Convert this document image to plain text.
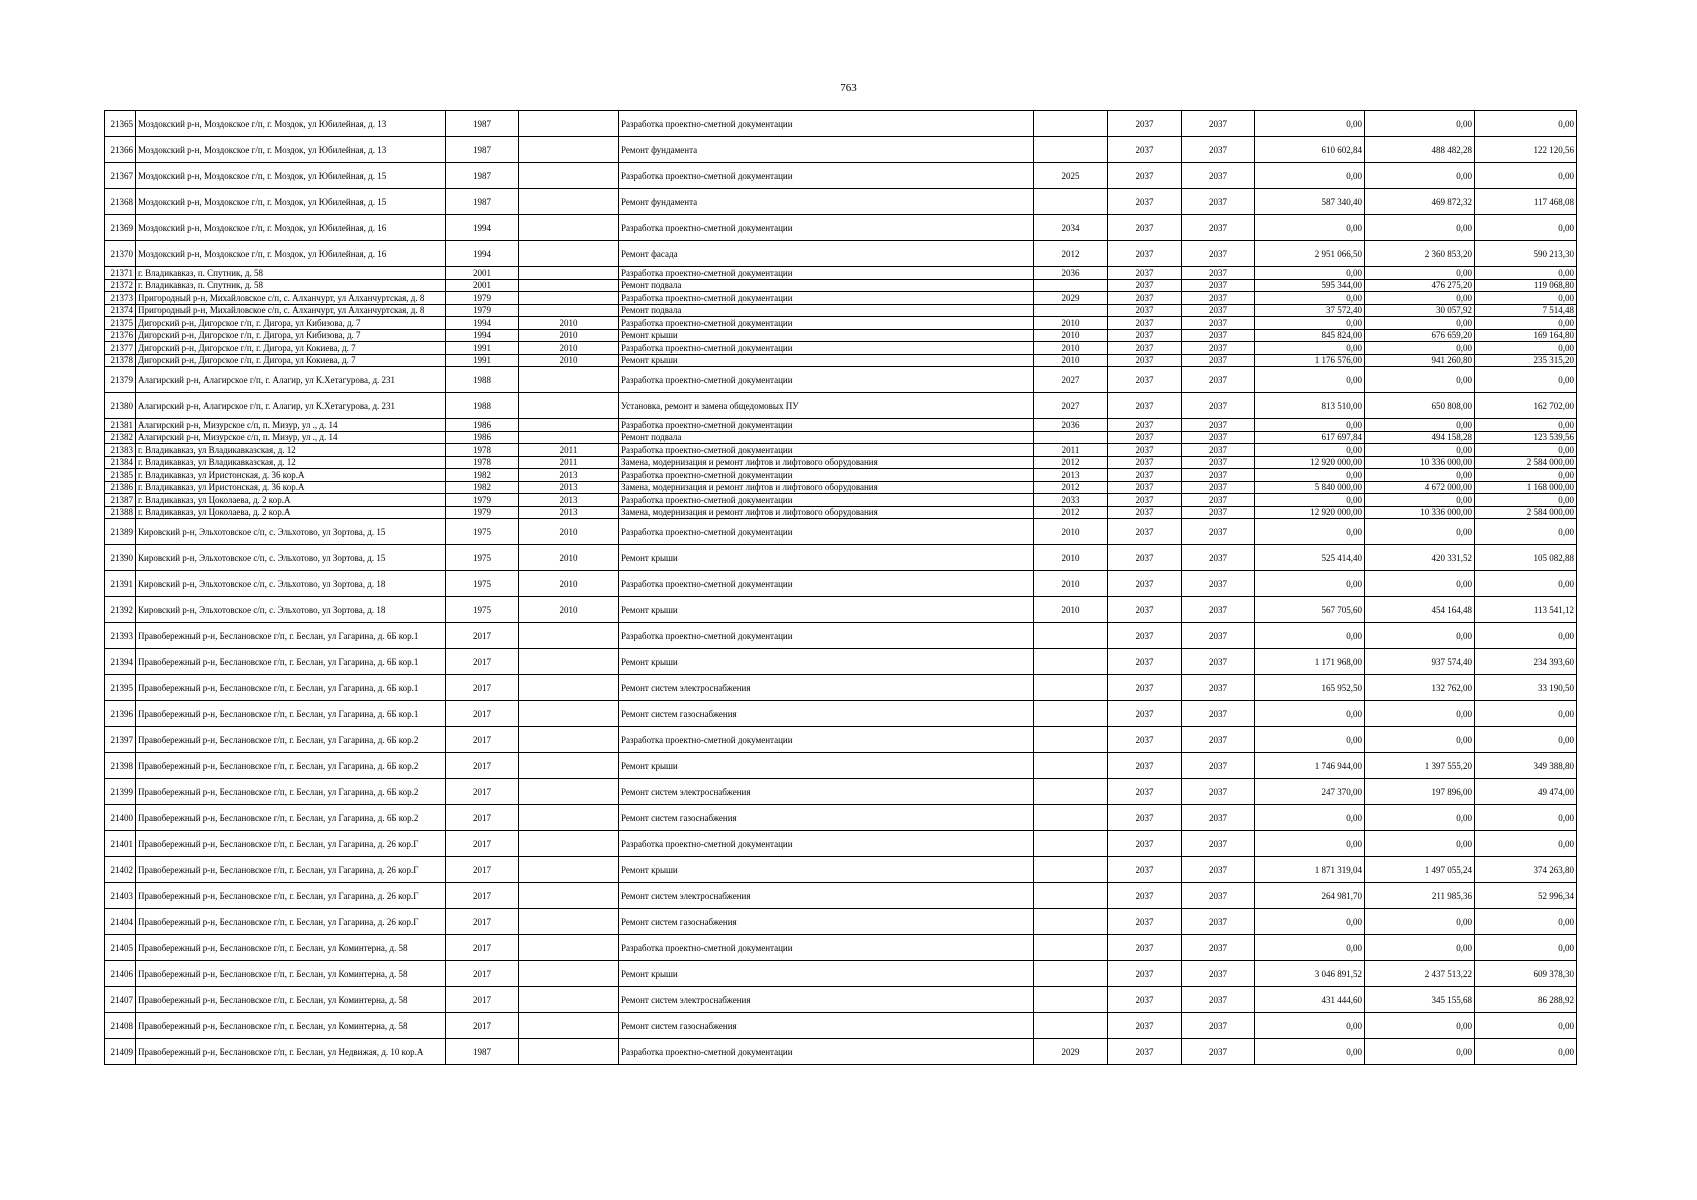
763
21365	Моздокский р-н, Моздокское г/п, г. Моздок, ул Юбилейная, д. 13	1987		Разработка проектно-сметной документации		2037	2037	0,00	0,00	0,00
21366	Моздокский р-н, Моздокское г/п, г. Моздок, ул Юбилейная, д. 13	1987		Ремонт фундамента		2037	2037	610 602,84	488 482,28	122 120,56
21367	Моздокский р-н, Моздокское г/п, г. Моздок, ул Юбилейная, д. 15	1987		Разработка проектно-сметной документации	2025	2037	2037	0,00	0,00	0,00
21368	Моздокский р-н, Моздокское г/п, г. Моздок, ул Юбилейная, д. 15	1987		Ремонт фундамента		2037	2037	587 340,40	469 872,32	117 468,08
21369	Моздокский р-н, Моздокское г/п, г. Моздок, ул Юбилейная, д. 16	1994		Разработка проектно-сметной документации	2034	2037	2037	0,00	0,00	0,00
21370	Моздокский р-н, Моздокское г/п, г. Моздок, ул Юбилейная, д. 16	1994		Ремонт фасада	2012	2037	2037	2 951 066,50	2 360 853,20	590 213,30
21371	г. Владикавказ, п. Спутник, д. 58	2001		Разработка проектно-сметной документации	2036	2037	2037	0,00	0,00	0,00
21372	г. Владикавказ, п. Спутник, д. 58	2001		Ремонт подвала		2037	2037	595 344,00	476 275,20	119 068,80
21373	Пригородный р-н, Михайловское с/п, с. Алханчурт, ул Алханчуртская, д. 8	1979		Разработка проектно-сметной документации	2029	2037	2037	0,00	0,00	0,00
21374	Пригородный р-н, Михайловское с/п, с. Алханчурт, ул Алханчуртская, д. 8	1979		Ремонт подвала		2037	2037	37 572,40	30 057,92	7 514,48
21375	Дигорский р-н, Дигорское г/п, г. Дигора, ул Кибизова, д. 7	1994	2010	Разработка проектно-сметной документации	2010	2037	2037	0,00	0,00	0,00
21376	Дигорский р-н, Дигорское г/п, г. Дигора, ул Кибизова, д. 7	1994	2010	Ремонт крыши	2010	2037	2037	845 824,00	676 659,20	169 164,80
21377	Дигорский р-н, Дигорское г/п, г. Дигора, ул Кокиева, д. 7	1991	2010	Разработка проектно-сметной документации	2010	2037	2037	0,00	0,00	0,00
21378	Дигорский р-н, Дигорское г/п, г. Дигора, ул Кокиева, д. 7	1991	2010	Ремонт крыши	2010	2037	2037	1 176 576,00	941 260,80	235 315,20
21379	Алагирский р-н, Алагирское г/п, г. Алагир, ул К.Хетагурова, д. 231	1988		Разработка проектно-сметной документации	2027	2037	2037	0,00	0,00	0,00
21380	Алагирский р-н, Алагирское г/п, г. Алагир, ул К.Хетагурова, д. 231	1988		Установка, ремонт и замена общедомовых ПУ	2027	2037	2037	813 510,00	650 808,00	162 702,00
21381	Алагирский р-н, Мизурское с/п, п. Мизур, ул ., д. 14	1986		Разработка проектно-сметной документации	2036	2037	2037	0,00	0,00	0,00
21382	Алагирский р-н, Мизурское с/п, п. Мизур, ул ., д. 14	1986		Ремонт подвала		2037	2037	617 697,84	494 158,28	123 539,56
21383	г. Владикавказ, ул Владикавказская, д. 12	1978	2011	Разработка проектно-сметной документации	2011	2037	2037	0,00	0,00	0,00
21384	г. Владикавказ, ул Владикавказская, д. 12	1978	2011	Замена, модернизация и ремонт лифтов и лифтового оборудования	2012	2037	2037	12 920 000,00	10 336 000,00	2 584 000,00
21385	г. Владикавказ, ул Иристонская, д. 36 кор.А	1982	2013	Разработка проектно-сметной документации	2013	2037	2037	0,00	0,00	0,00
21386	г. Владикавказ, ул Иристонская, д. 36 кор.А	1982	2013	Замена, модернизация и ремонт лифтов и лифтового оборудования	2012	2037	2037	5 840 000,00	4 672 000,00	1 168 000,00
21387	г. Владикавказ, ул Цоколаева, д. 2 кор.А	1979	2013	Разработка проектно-сметной документации	2033	2037	2037	0,00	0,00	0,00
21388	г. Владикавказ, ул Цоколаева, д. 2 кор.А	1979	2013	Замена, модернизация и ремонт лифтов и лифтового оборудования	2012	2037	2037	12 920 000,00	10 336 000,00	2 584 000,00
21389	Кировский р-н, Эльхотовское с/п, с. Эльхотово, ул Зортова, д. 15	1975	2010	Разработка проектно-сметной документации	2010	2037	2037	0,00	0,00	0,00
21390	Кировский р-н, Эльхотовское с/п, с. Эльхотово, ул Зортова, д. 15	1975	2010	Ремонт крыши	2010	2037	2037	525 414,40	420 331,52	105 082,88
21391	Кировский р-н, Эльхотовское с/п, с. Эльхотово, ул Зортова, д. 18	1975	2010	Разработка проектно-сметной документации	2010	2037	2037	0,00	0,00	0,00
21392	Кировский р-н, Эльхотовское с/п, с. Эльхотово, ул Зортова, д. 18	1975	2010	Ремонт крыши	2010	2037	2037	567 705,60	454 164,48	113 541,12
21393	Правобережный р-н, Беслановское г/п, г. Беслан, ул Гагарина, д. 6Б кор.1	2017		Разработка проектно-сметной документации		2037	2037	0,00	0,00	0,00
21394	Правобережный р-н, Беслановское г/п, г. Беслан, ул Гагарина, д. 6Б кор.1	2017		Ремонт крыши		2037	2037	1 171 968,00	937 574,40	234 393,60
21395	Правобережный р-н, Беслановское г/п, г. Беслан, ул Гагарина, д. 6Б кор.1	2017		Ремонт систем электроснабжения		2037	2037	165 952,50	132 762,00	33 190,50
21396	Правобережный р-н, Беслановское г/п, г. Беслан, ул Гагарина, д. 6Б кор.1	2017		Ремонт систем газоснабжения		2037	2037	0,00	0,00	0,00
21397	Правобережный р-н, Беслановское г/п, г. Беслан, ул Гагарина, д. 6Б кор.2	2017		Разработка проектно-сметной документации		2037	2037	0,00	0,00	0,00
21398	Правобережный р-н, Беслановское г/п, г. Беслан, ул Гагарина, д. 6Б кор.2	2017		Ремонт крыши		2037	2037	1 746 944,00	1 397 555,20	349 388,80
21399	Правобережный р-н, Беслановское г/п, г. Беслан, ул Гагарина, д. 6Б кор.2	2017		Ремонт систем электроснабжения		2037	2037	247 370,00	197 896,00	49 474,00
21400	Правобережный р-н, Беслановское г/п, г. Беслан, ул Гагарина, д. 6Б кор.2	2017		Ремонт систем газоснабжения		2037	2037	0,00	0,00	0,00
21401	Правобережный р-н, Беслановское г/п, г. Беслан, ул Гагарина, д. 26 кор.Г	2017		Разработка проектно-сметной документации		2037	2037	0,00	0,00	0,00
21402	Правобережный р-н, Беслановское г/п, г. Беслан, ул Гагарина, д. 26 кор.Г	2017		Ремонт крыши		2037	2037	1 871 319,04	1 497 055,24	374 263,80
21403	Правобережный р-н, Беслановское г/п, г. Беслан, ул Гагарина, д. 26 кор.Г	2017		Ремонт систем электроснабжения		2037	2037	264 981,70	211 985,36	52 996,34
21404	Правобережный р-н, Беслановское г/п, г. Беслан, ул Гагарина, д. 26 кор.Г	2017		Ремонт систем газоснабжения		2037	2037	0,00	0,00	0,00
21405	Правобережный р-н, Беслановское г/п, г. Беслан, ул Коминтерна, д. 58	2017		Разработка проектно-сметной документации		2037	2037	0,00	0,00	0,00
21406	Правобережный р-н, Беслановское г/п, г. Беслан, ул Коминтерна, д. 58	2017		Ремонт крыши		2037	2037	3 046 891,52	2 437 513,22	609 378,30
21407	Правобережный р-н, Беслановское г/п, г. Беслан, ул Коминтерна, д. 58	2017		Ремонт систем электроснабжения		2037	2037	431 444,60	345 155,68	86 288,92
21408	Правобережный р-н, Беслановское г/п, г. Беслан, ул Коминтерна, д. 58	2017		Ремонт систем газоснабжения		2037	2037	0,00	0,00	0,00
21409	Правобережный р-н, Беслановское г/п, г. Беслан, ул Недвижая, д. 10 кор.А	1987		Разработка проектно-сметной документации	2029	2037	2037	0,00	0,00	0,00
